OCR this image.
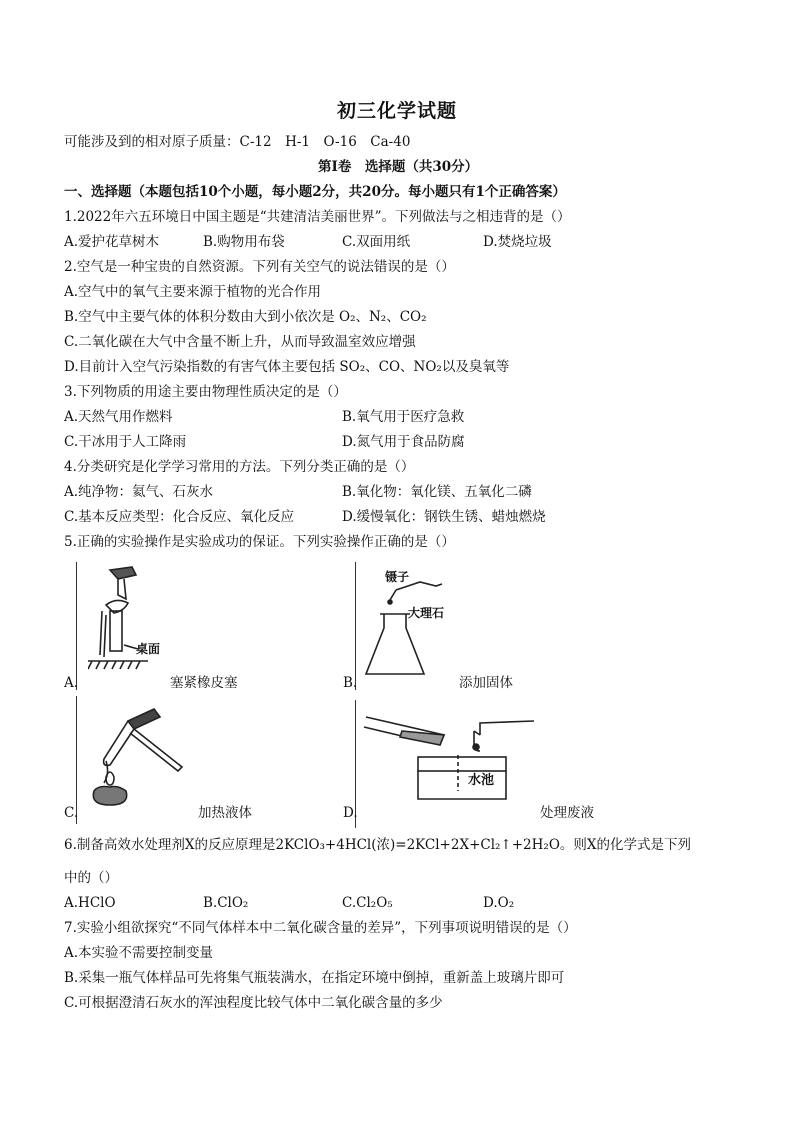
初三化学试题
可能涉及到的相对原子质量：C-12　H-1　O-16　Ca-40
第Ⅰ卷　选择题（共30分）
一、选择题（本题包括10个小题，每小题2分，共20分。每小题只有1个正确答案）
1.2022年六五环境日中国主题是“共建清洁美丽世界”。下列做法与之相违背的是（）
A.爱护花草树木	B.购物用布袋	C.双面用纸	D.焚烧垃圾
2.空气是一种宝贵的自然资源。下列有关空气的说法错误的是（）
A.空气中的氧气主要来源于植物的光合作用
B.空气中主要气体的体积分数由大到小依次是 O₂、N₂、CO₂
C.二氧化碳在大气中含量不断上升，从而导致温室效应增强
D.目前计入空气污染指数的有害气体主要包括 SO₂、CO、NO₂以及臭氧等
3.下列物质的用途主要由物理性质决定的是（）
A.天然气用作燃料	B.氧气用于医疗急救
C.干冰用于人工降雨	D.氮气用于食品防腐
4.分类研究是化学学习常用的方法。下列分类正确的是（）
A.纯净物：氦气、石灰水	B.氧化物：氧化镁、五氧化二磷
C.基本反应类型：化合反应、氧化反应	D.缓慢氧化：钢铁生锈、蜡烛燃烧
5.正确的实验操作是实验成功的保证。下列实验操作正确的是（）
桌面
A.	塞紧橡皮塞
镊子
大理石
B.	添加固体
C.	加热液体
水池
D.	处理废液
6.制备高效水处理剂X的反应原理是2KClO₃+4HCl(浓)=2KCl+2X+Cl₂↑+2H₂O。则X的化学式是下列
中的（）
A.HClO	B.ClO₂	C.Cl₂O₅	D.O₂
7.实验小组欲探究“不同气体样本中二氧化碳含量的差异”，下列事项说明错误的是（）
A.本实验不需要控制变量
B.采集一瓶气体样品可先将集气瓶装满水，在指定环境中倒掉，重新盖上玻璃片即可
C.可根据澄清石灰水的浑浊程度比较气体中二氧化碳含量的多少
